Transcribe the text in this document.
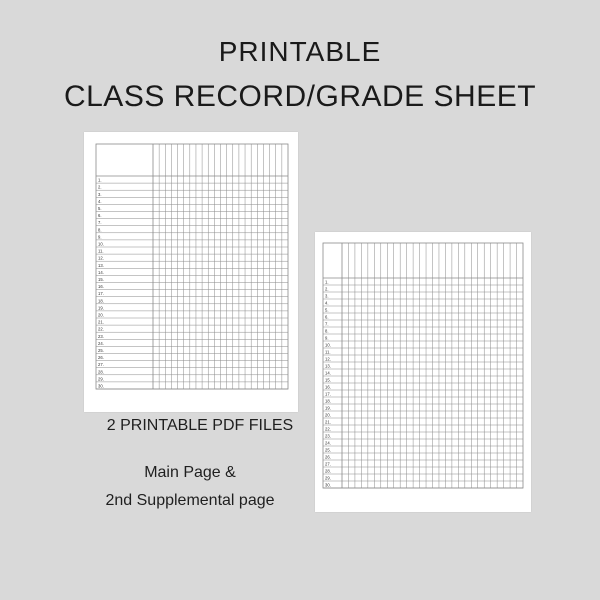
PRINTABLE
CLASS RECORD/GRADE SHEET
1.
2.
3.
4.
5.
6.
7.
8.
9.
10.
11.
12.
13.
14.
15.
16.
17.
18.
19.
20.
21.
22.
23.
24.
25.
26.
27.
28.
29.
30.
1.
2.
3.
4.
5.
6.
7.
8.
9.
10.
11.
12.
13.
14.
15.
16.
17.
18.
19.
20.
21.
22.
23.
24.
25.
26.
27.
28.
29.
30.
2 PRINTABLE PDF FILES
Main Page &
2nd Supplemental page
